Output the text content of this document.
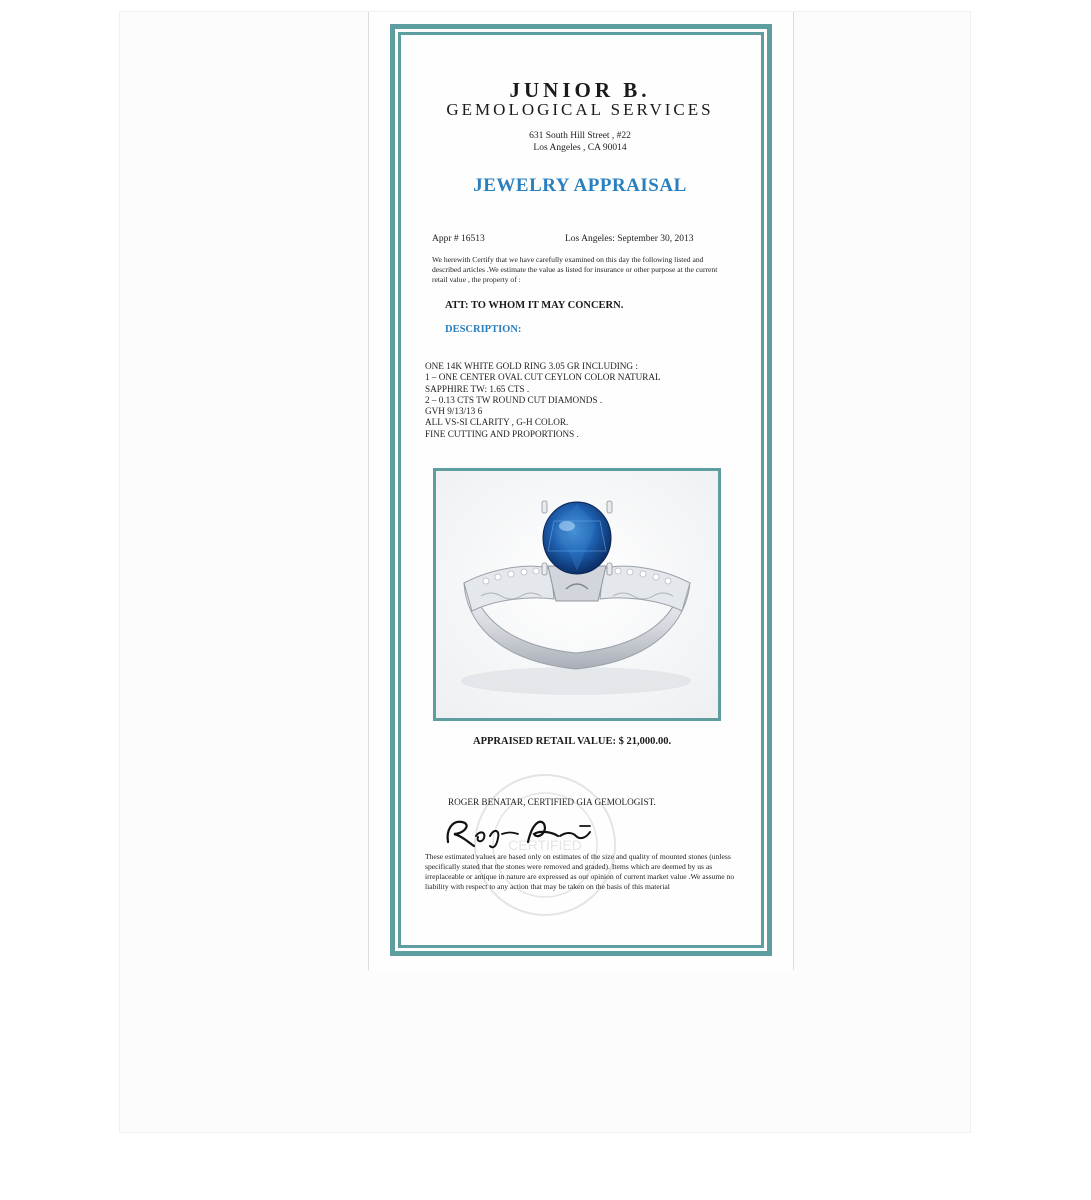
JUNIOR B.
GEMOLOGICAL SERVICES
631 South Hill Street , #22
Los Angeles , CA 90014
JEWELRY APPRAISAL
Appr # 16513	Los Angeles: September 30, 2013
We herewith Certify that we have carefully examined on this day the following listed and described articles .We estimate the value as listed for insurance or other purpose at the current retail value , the property of :
ATT: TO WHOM IT MAY CONCERN.
DESCRIPTION:
ONE 14K WHITE GOLD RING 3.05 GR INCLUDING :
1 – ONE CENTER OVAL CUT CEYLON COLOR NATURAL
SAPPHIRE TW: 1.65 CTS .
2 – 0.13 CTS TW ROUND CUT DIAMONDS .
GVH 9/13/13 6
ALL VS-SI CLARITY , G-H COLOR.
FINE CUTTING AND PROPORTIONS .
APPRAISED RETAIL VALUE: $ 21,000.00.
CERTIFIED
ROGER BENATAR, CERTIFIED GIA GEMOLOGIST.
These estimated values are based only on estimates of the size and quality of mounted stones (unless specifically stated that the stones were removed and graded). Items which are deemed by us as irreplaceable or antique in nature are expressed as our opinion of current market value .We assume no liability with respect to any action that may be taken on the basis of this material
